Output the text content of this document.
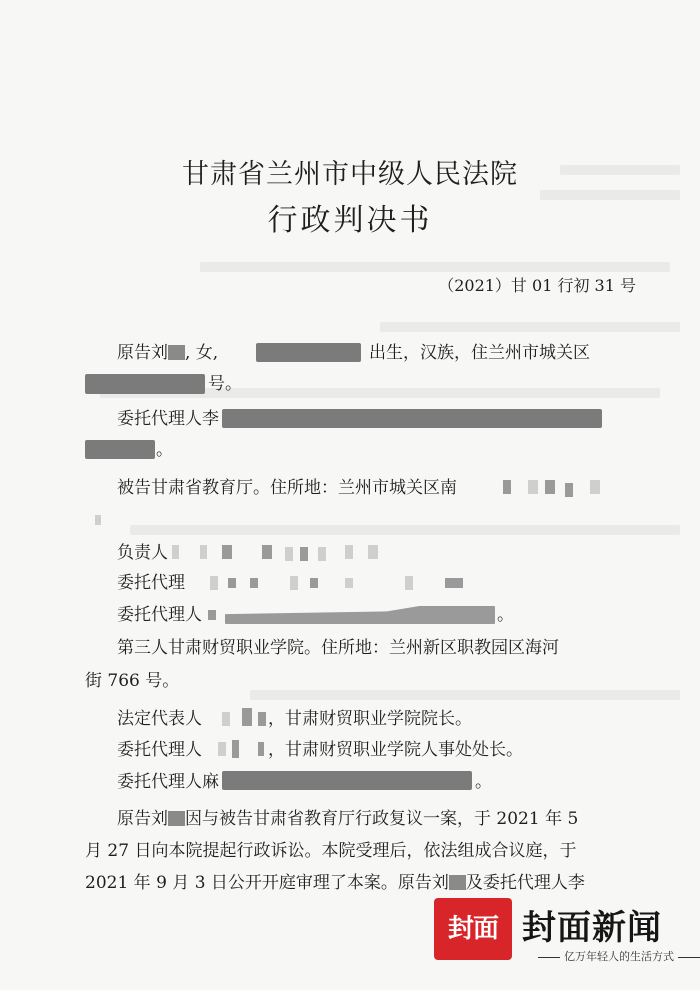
甘肃省兰州市中级人民法院
行政判决书
（2021）甘 01 行初 31 号
原告刘 , 女,	出生，汉族，住兰州市城关区
号。
委托代理人李
。
被告甘肃省教育厅。住所地：兰州市城关区南
负责人
委托代理
委托代理人	。
第三人甘肃财贸职业学院。住所地：兰州新区职教园区海河
街 766 号。
法定代表人	，甘肃财贸职业学院院长。
委托代理人	，甘肃财贸职业学院人事处处长。
委托代理人麻	。
原告刘 因与被告甘肃省教育厅行政复议一案，于 2021 年 5
月 27 日向本院提起行政诉讼。本院受理后，依法组成合议庭，于
2021 年 9 月 3 日公开开庭审理了本案。原告刘 及委托代理人李
封面 封面新闻
亿万年轻人的生活方式
